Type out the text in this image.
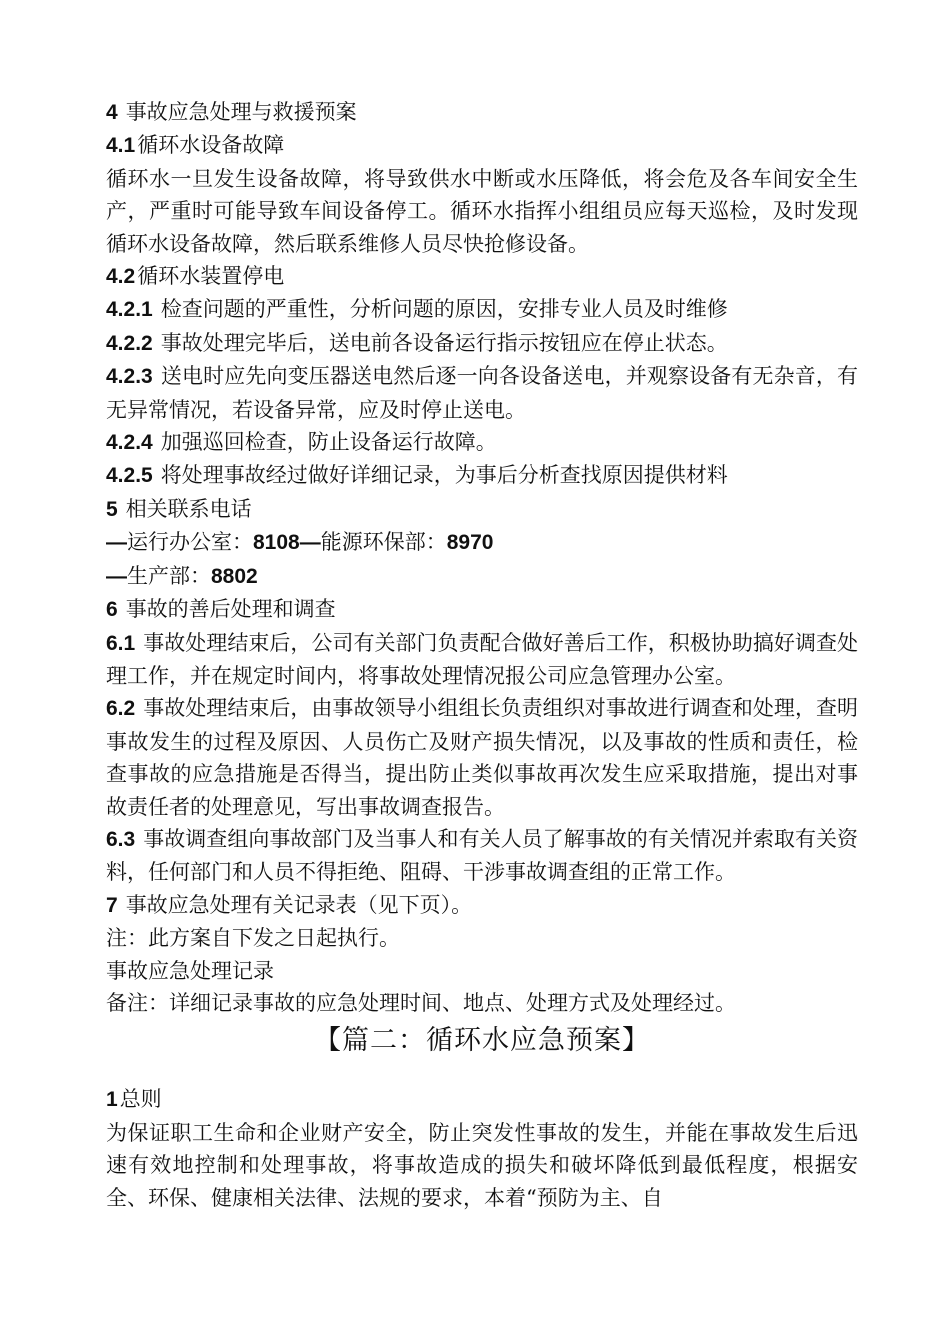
4 事故应急处理与救援预案

4.1循环水设备故障

循环水一旦发生设备故障，将导致供水中断或水压降低，将会危及各车间安全生产，严重时可能导致车间设备停工。循环水指挥小组组员应每天巡检，及时发现循环水设备故障，然后联系维修人员尽快抢修设备。

4.2循环水装置停电

4.2.1 检查问题的严重性，分析问题的原因，安排专业人员及时维修

4.2.2 事故处理完毕后，送电前各设备运行指示按钮应在停止状态。

4.2.3 送电时应先向变压器送电然后逐一向各设备送电，并观察设备有无杂音，有无异常情况，若设备异常，应及时停止送电。

4.2.4 加强巡回检查，防止设备运行故障。

4.2.5 将处理事故经过做好详细记录，为事后分析查找原因提供材料

5 相关联系电话

—运行办公室：8108—能源环保部：8970

—生产部：8802

6 事故的善后处理和调查

6.1 事故处理结束后，公司有关部门负责配合做好善后工作，积极协助搞好调查处理工作，并在规定时间内，将事故处理情况报公司应急管理办公室。

6.2 事故处理结束后，由事故领导小组组长负责组织对事故进行调查和处理，查明事故发生的过程及原因、人员伤亡及财产损失情况，以及事故的性质和责任，检查事故的应急措施是否得当，提出防止类似事故再次发生应采取措施，提出对事故责任者的处理意见，写出事故调查报告。

6.3 事故调查组向事故部门及当事人和有关人员了解事故的有关情况并索取有关资料，任何部门和人员不得拒绝、阻碍、干涉事故调查组的正常工作。

7 事故应急处理有关记录表（见下页）。

注：此方案自下发之日起执行。

事故应急处理记录

备注：详细记录事故的应急处理时间、地点、处理方式及处理经过。

【篇二：循环水应急预案】

1总则

为保证职工生命和企业财产安全，防止突发性事故的发生，并能在事故发生后迅速有效地控制和处理事故，将事故造成的损失和破坏降低到最低程度，根据安全、环保、健康相关法律、法规的要求，本着“预防为主、自
